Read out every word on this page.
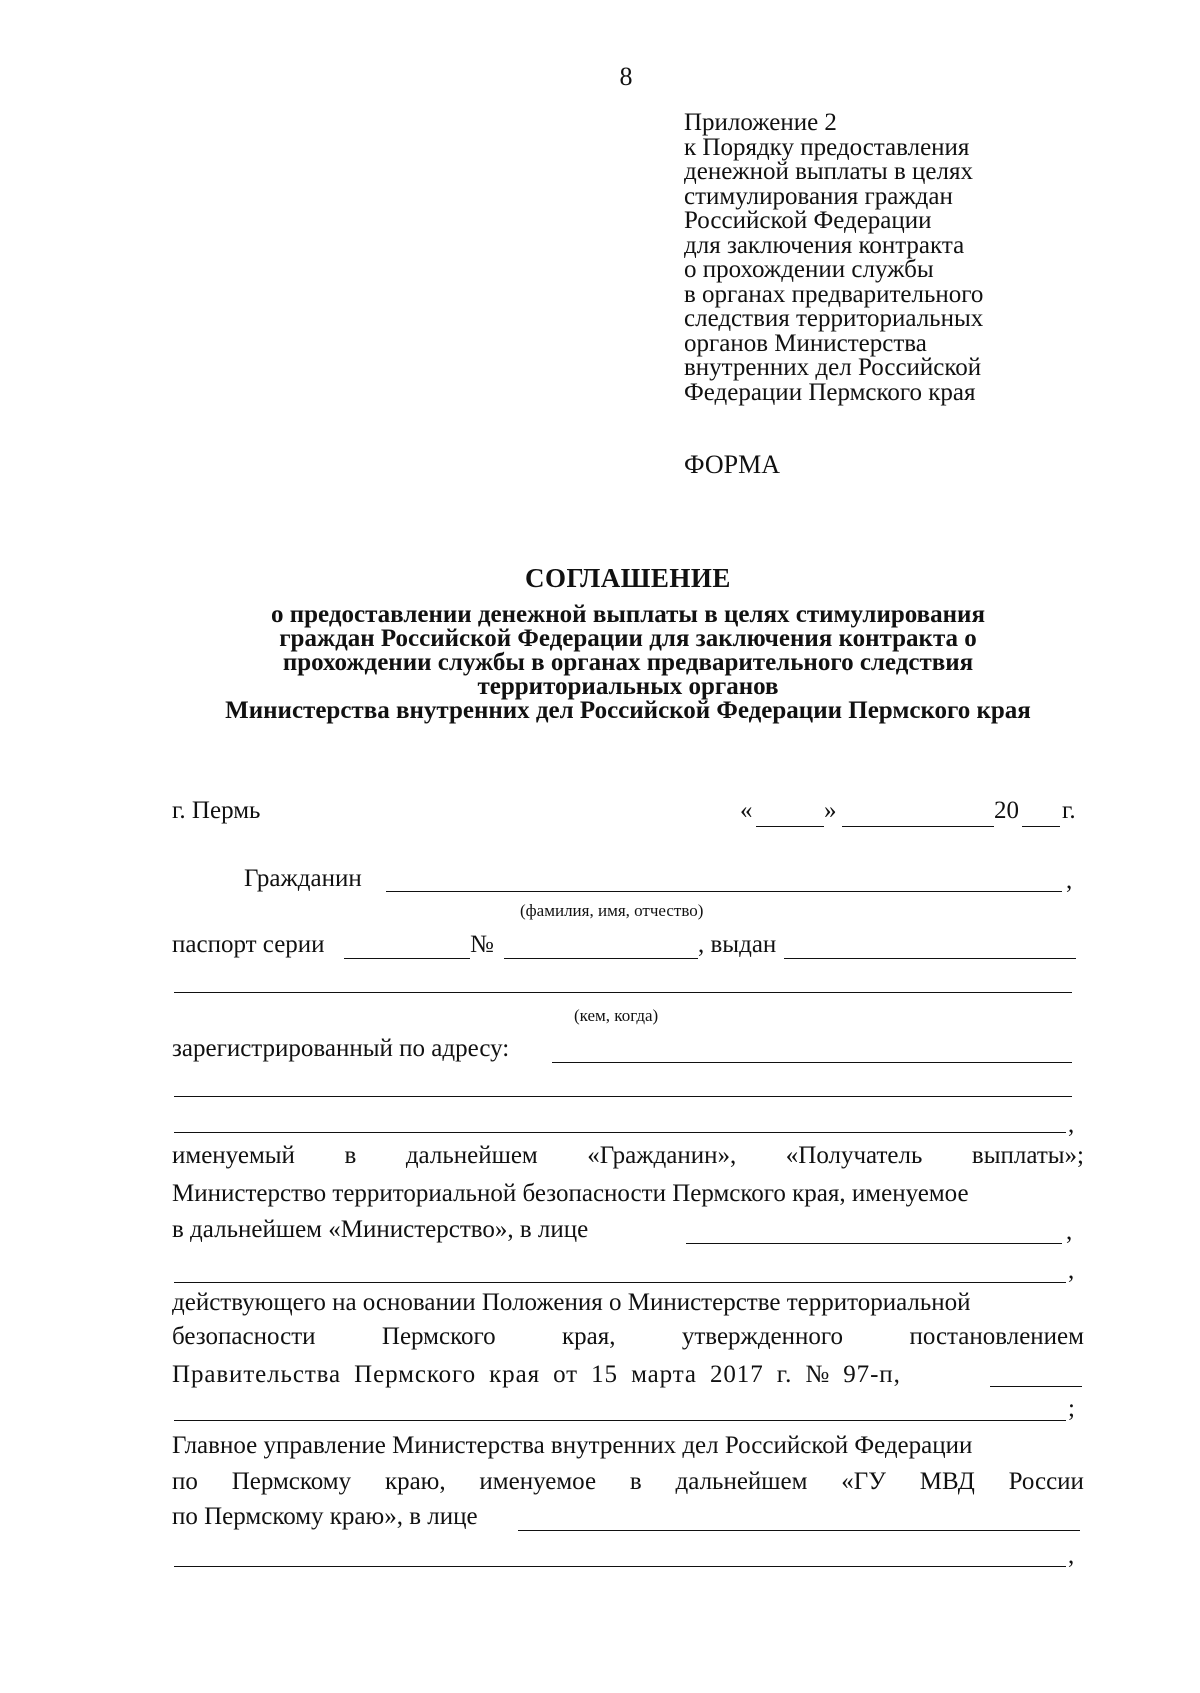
8
Приложение 2
к Порядку предоставления
денежной выплаты в целях
стимулирования граждан
Российской Федерации
для заключения контракта
о прохождении службы
в органах предварительного
следствия территориальных
органов Министерства
внутренних дел Российской
Федерации Пермского края
ФОРМА
СОГЛАШЕНИЕ
о предоставлении денежной выплаты в целях стимулирования
граждан Российской Федерации для заключения контракта о
прохождении службы в органах предварительного следствия
территориальных органов
Министерства внутренних дел Российской Федерации Пермского края
г. Пермь	«	»	20 г.
Гражданин	,
(фамилия, имя, отчество)
паспорт серии	№	, выдан
(кем, когда)
зарегистрированный по адресу:
,
именуемый в дальнейшем «Гражданин», «Получатель выплаты»;
Министерство территориальной безопасности Пермского края, именуемое
в дальнейшем «Министерство», в лице	,
,
действующего на основании Положения о Министерстве территориальной
безопасности	Пермского	края,	утвержденного	постановлением
Правительства Пермского края от 15 марта 2017 г. № 97-п,
;
Главное управление Министерства внутренних дел Российской Федерации
по Пермскому краю, именуемое в дальнейшем «ГУ МВД России
по Пермскому краю», в лице
,
